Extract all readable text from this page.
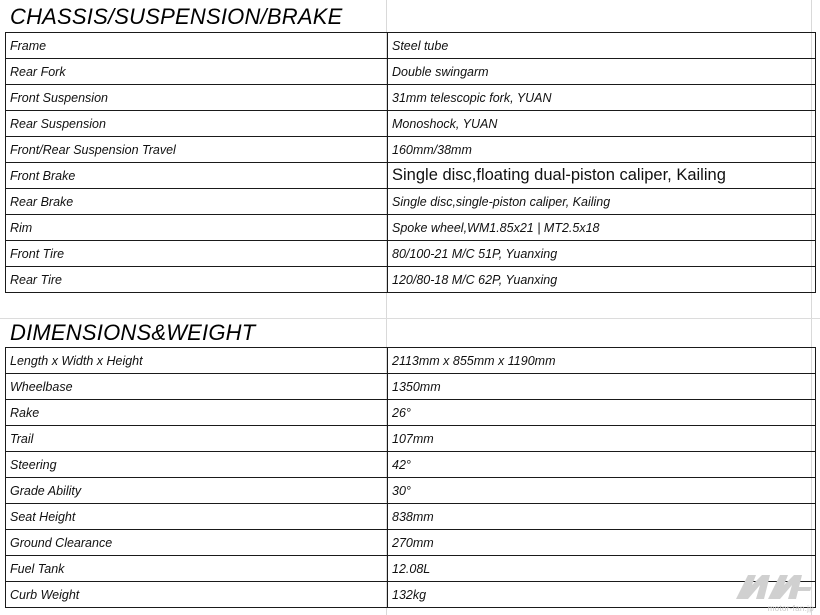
CHASSIS/SUSPENSION/BRAKE
Frame	Steel tube
Rear Fork	Double swingarm
Front Suspension	31mm telescopic fork, YUAN
Rear Suspension	Monoshock, YUAN
Front/Rear Suspension Travel	160mm/38mm
Front Brake	Single disc,floating dual-piston caliper, Kailing
Rear Brake	Single disc,single-piston caliper, Kailing
Rim	Spoke wheel,WM1.85x21 | MT2.5x18
Front Tire	80/100-21 M/C 51P, Yuanxing
Rear Tire	120/80-18 M/C 62P, Yuanxing
DIMENSIONS&WEIGHT
Length x Width x Height	2113mm x 855mm x 1190mm
Wheelbase	1350mm
Rake	26°
Trail	107mm
Steering	42°
Grade Ability	30°
Seat Height	838mm
Ground Clearance	270mm
Fuel Tank	12.08L
Curb Weight	132kg
motor-fan.jp
